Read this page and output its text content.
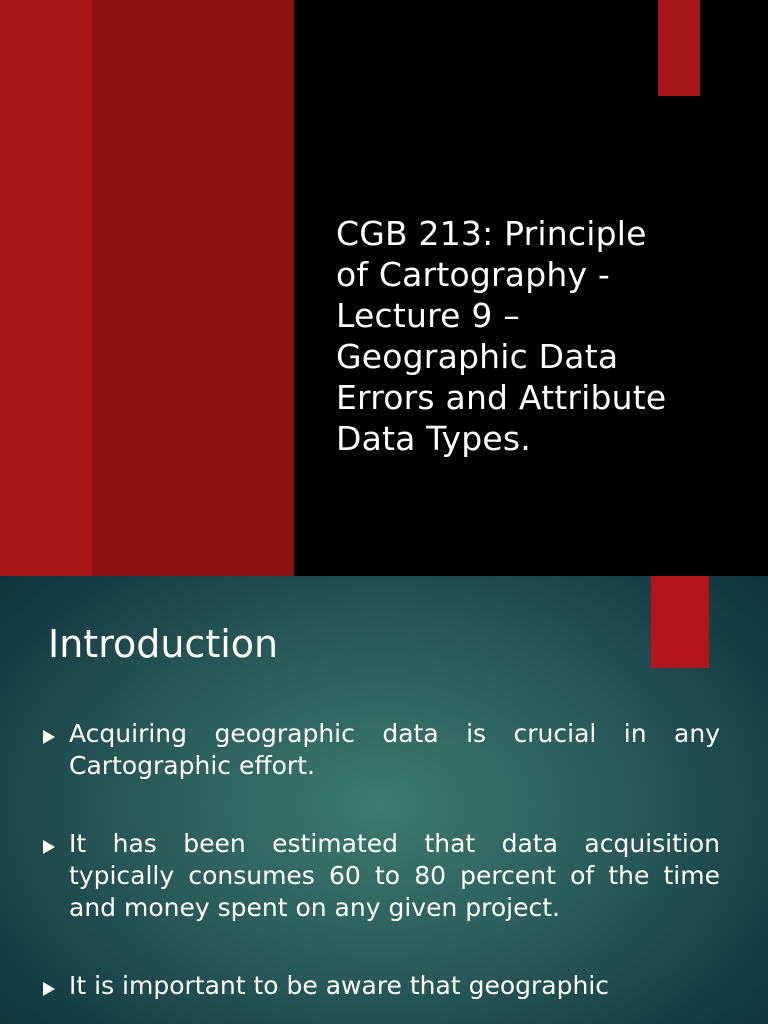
CGB 213: Principle
of Cartography -
Lecture 9 –
Geographic Data
Errors and Attribute
Data Types.
Introduction
Acquiring geographic data is crucial in any Cartographic effort.
It has been estimated that data acquisition typically consumes 60 to 80 percent of the time and money spent on any given project.
It is important to be aware that geographic
